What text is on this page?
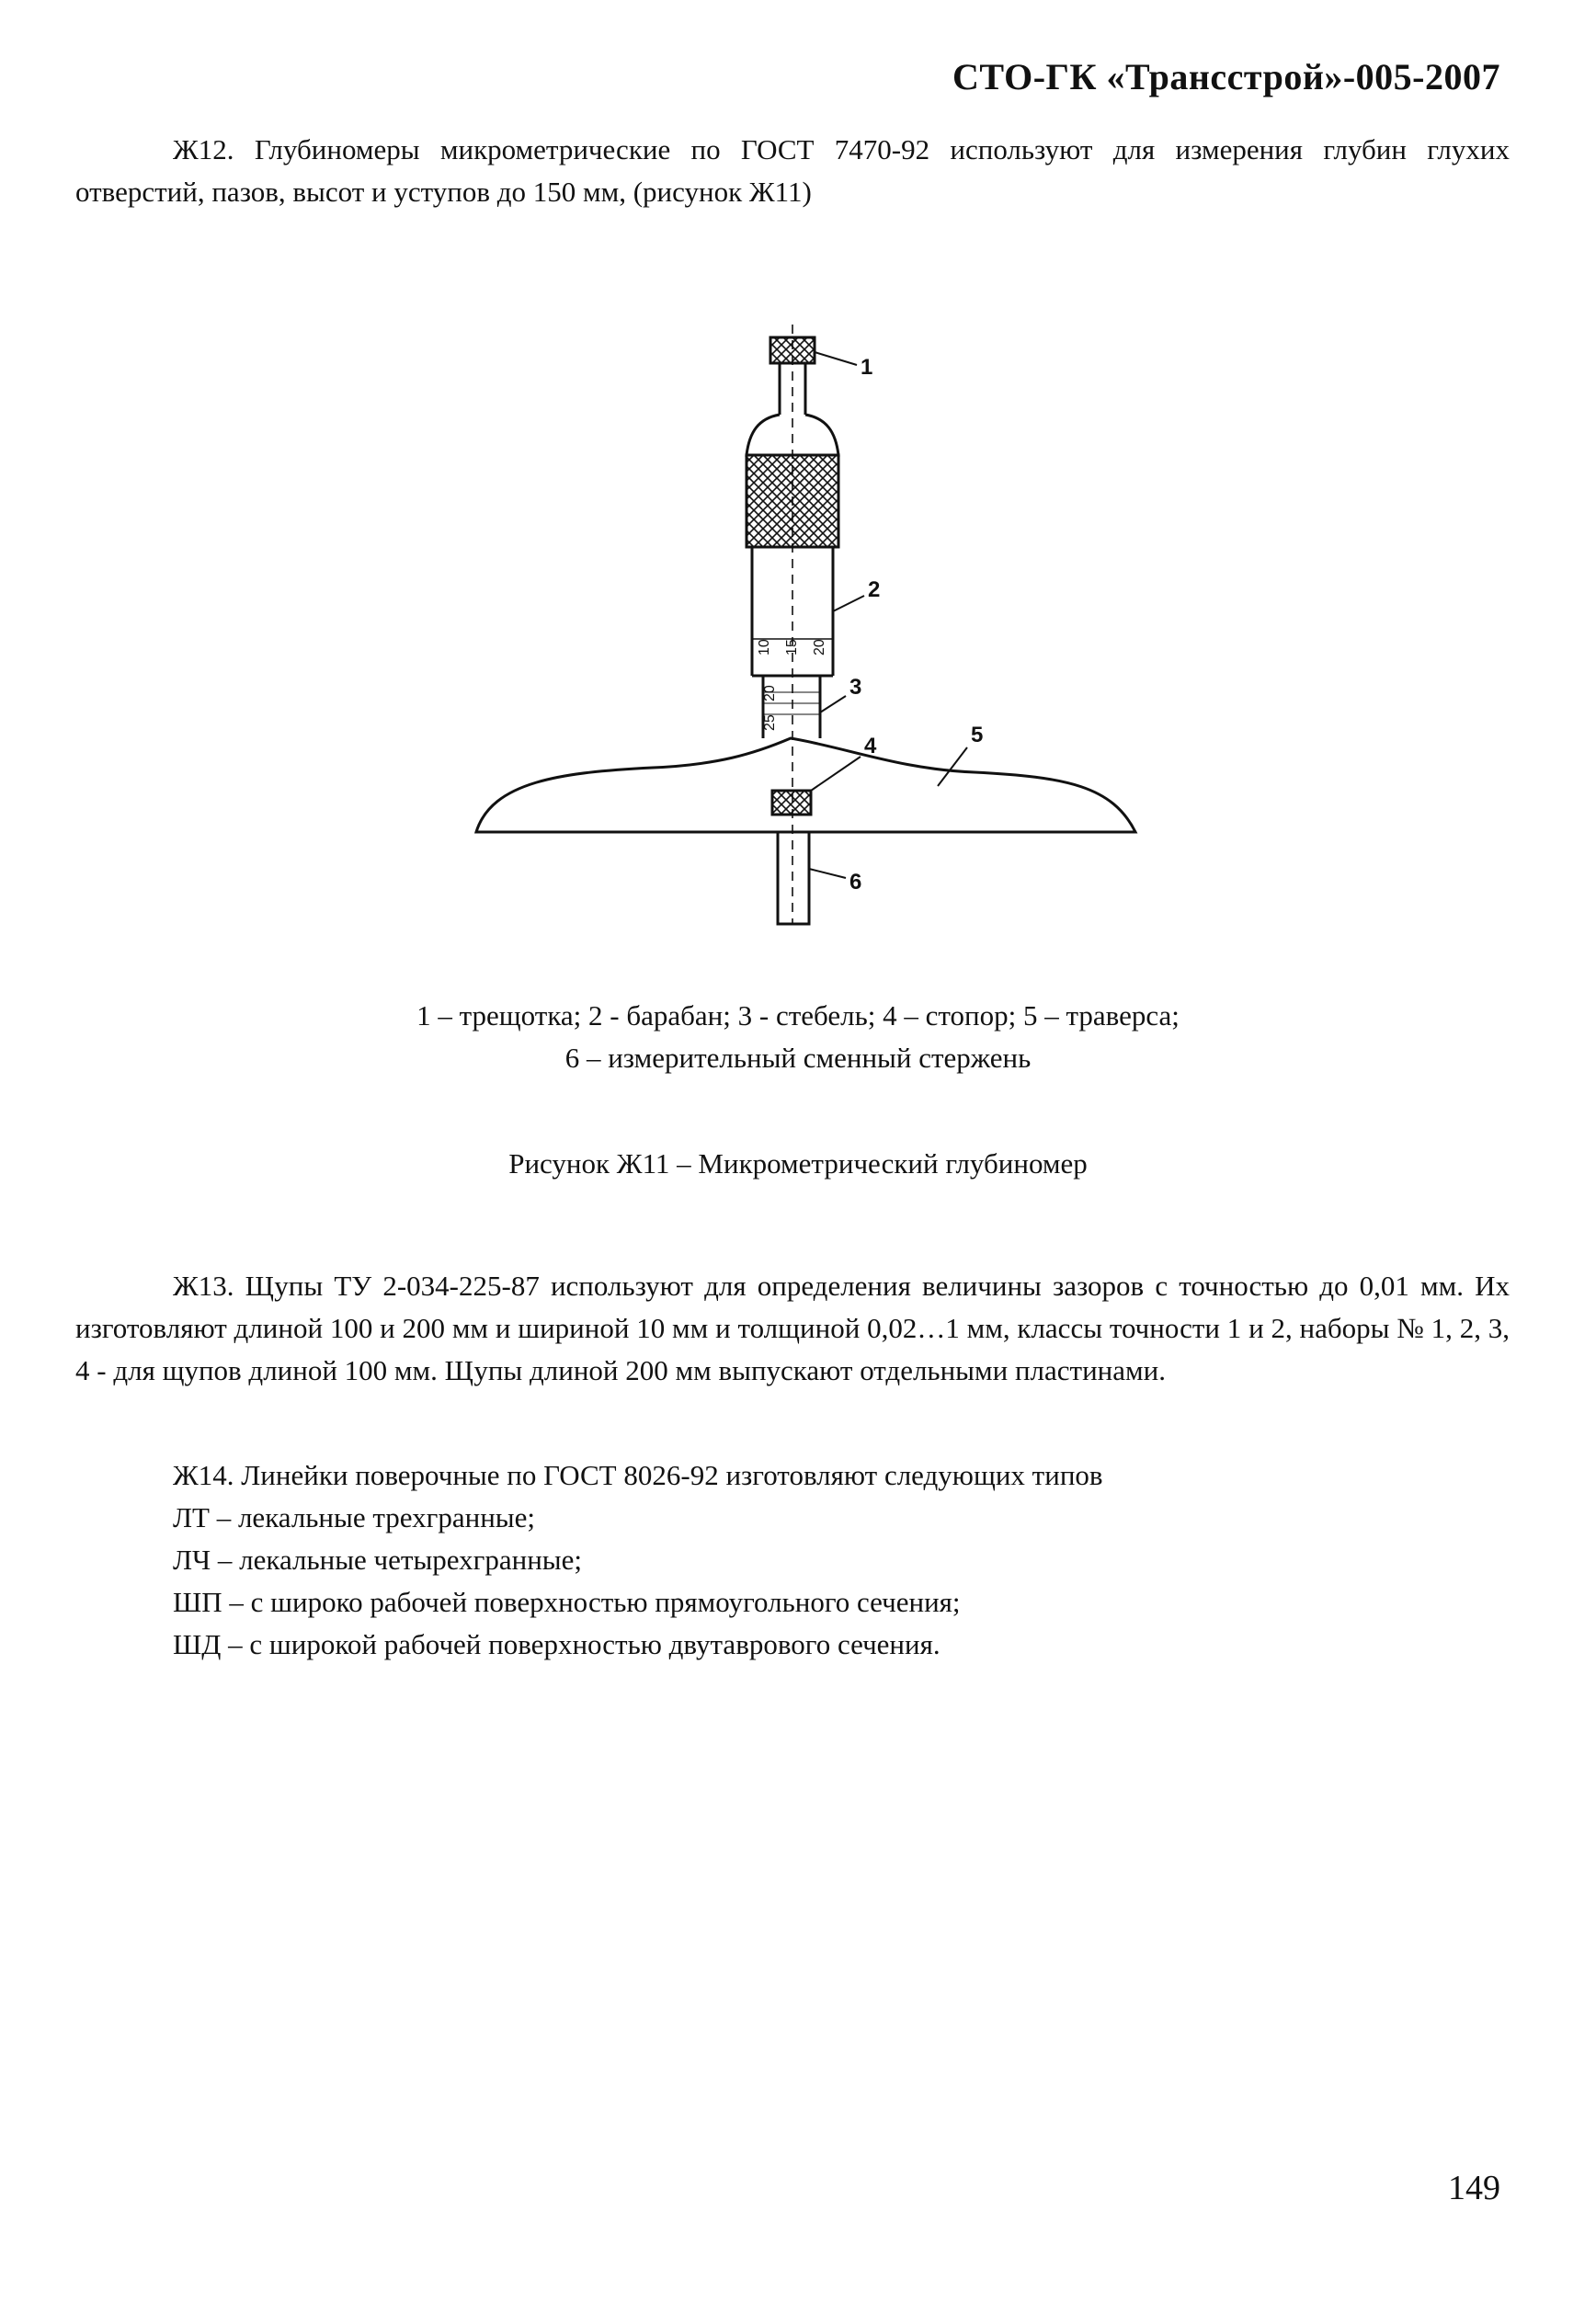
СТО-ГК «Трансстрой»-005-2007
Ж12. Глубиномеры микрометрические по ГОСТ 7470-92 используют для измерения глубин глухих отверстий, пазов, высот и уступов до 150 мм, (рисунок Ж11)
1
2
3
4	5
6
10 15 20
25
20
1 – трещотка; 2 - барабан; 3 - стебель; 4 – стопор; 5 – траверса;
6 – измерительный сменный стержень
Рисунок Ж11 – Микрометрический глубиномер
Ж13. Щупы ТУ 2-034-225-87 используют для определения величины зазоров с точностью до 0,01 мм. Их изготовляют длиной 100 и 200 мм и шириной 10 мм и толщиной 0,02…1 мм, классы точности 1 и 2, наборы № 1, 2, 3, 4 - для щупов длиной 100 мм. Щупы длиной 200 мм выпускают отдельными пластинами.
Ж14. Линейки поверочные по ГОСТ 8026-92 изготовляют следующих типов
ЛТ – лекальные трехгранные;
ЛЧ – лекальные четырехгранные;
ШП – с широко рабочей поверхностью прямоугольного сечения;
ШД – с широкой рабочей поверхностью двутаврового сечения.
149
